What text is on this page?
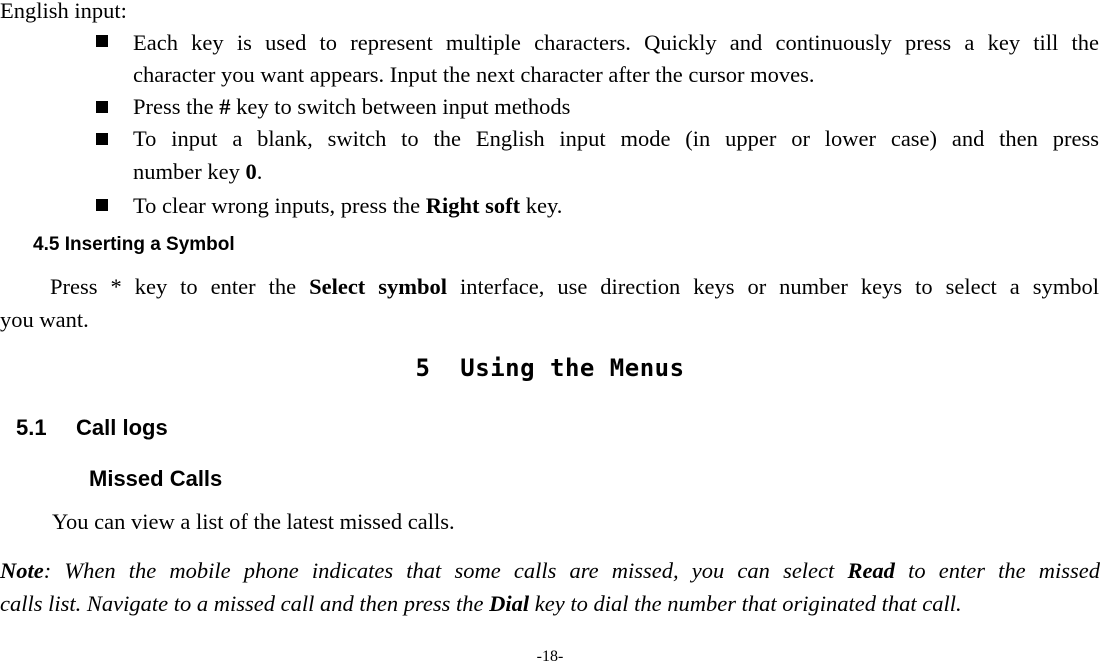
English input:
Each key is used to represent multiple characters. Quickly and continuously press a key till the
character you want appears. Input the next character after the cursor moves.
Press the # key to switch between input methods
To input a blank, switch to the English input mode (in upper or lower case) and then press
number key 0.
To clear wrong inputs, press the Right soft key.
4.5 Inserting a Symbol
Press * key to enter the Select symbol interface, use direction keys or number keys to select a symbol
you want.
5  Using the Menus
5.1 Call logs
Missed Calls
You can view a list of the latest missed calls.
Note: When the mobile phone indicates that some calls are missed, you can select Read to enter the missed
calls list. Navigate to a missed call and then press the Dial key to dial the number that originated that call.
-18-
